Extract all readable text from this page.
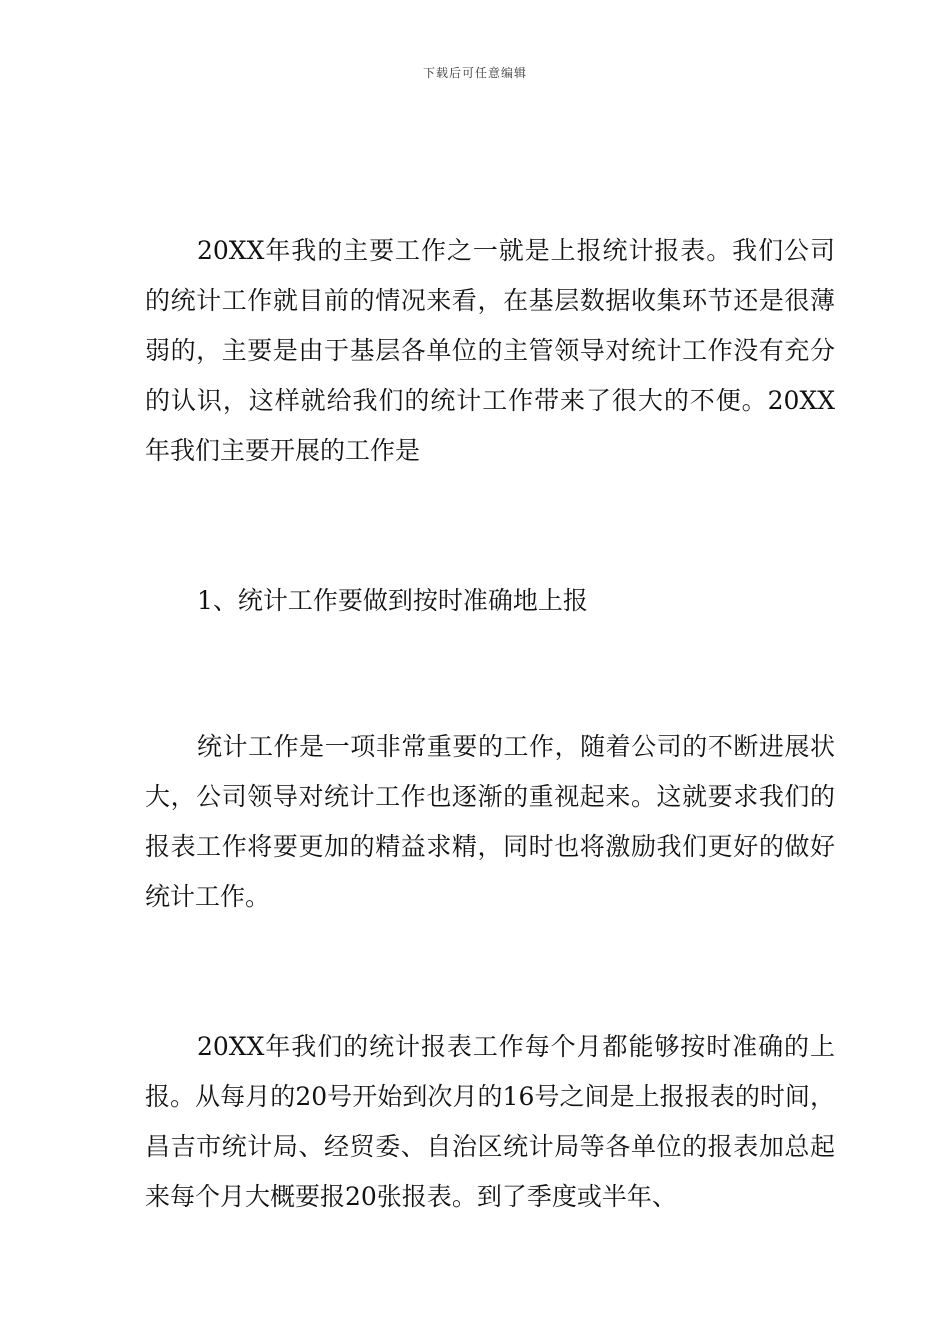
下载后可任意编辑

20XX年我的主要工作之一就是上报统计报表。我们公司的统计工作就目前的情况来看，在基层数据收集环节还是很薄弱的，主要是由于基层各单位的主管领导对统计工作没有充分的认识，这样就给我们的统计工作带来了很大的不便。20XX年我们主要开展的工作是

1、统计工作要做到按时准确地上报

统计工作是一项非常重要的工作，随着公司的不断进展状大，公司领导对统计工作也逐渐的重视起来。这就要求我们的报表工作将要更加的精益求精，同时也将激励我们更好的做好统计工作。

20XX年我们的统计报表工作每个月都能够按时准确的上报。从每月的20号开始到次月的16号之间是上报报表的时间，昌吉市统计局、经贸委、自治区统计局等各单位的报表加总起来每个月大概要报20张报表。到了季度或半年、
